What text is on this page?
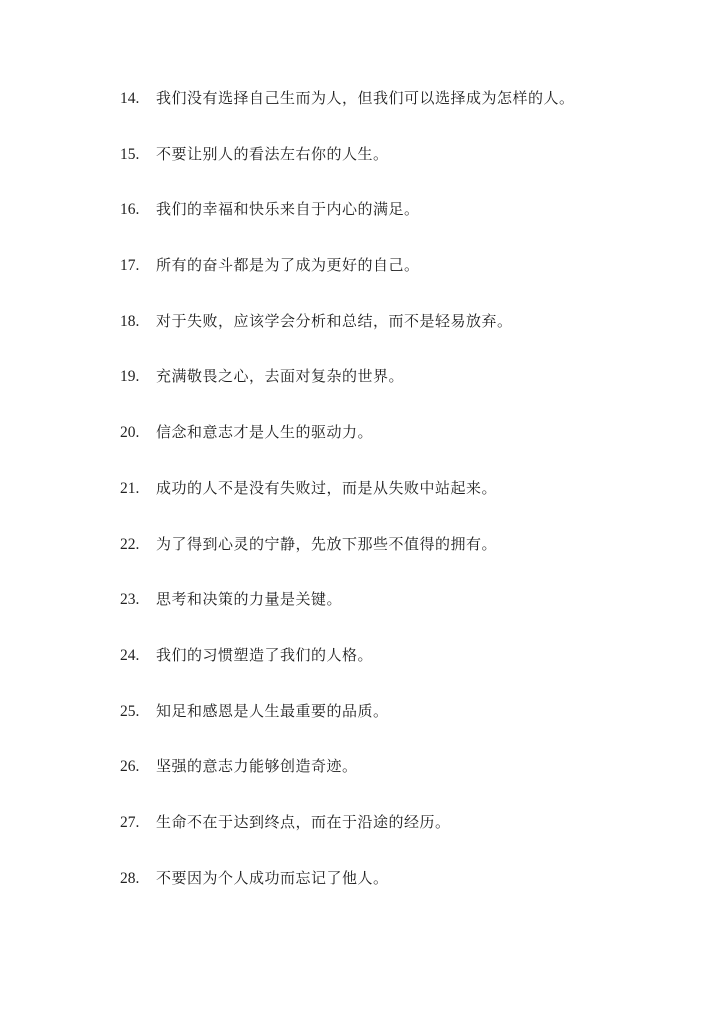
14.	我们没有选择自己生而为人，但我们可以选择成为怎样的人。
15.	不要让别人的看法左右你的人生。
16.	我们的幸福和快乐来自于内心的满足。
17.	所有的奋斗都是为了成为更好的自己。
18.	对于失败，应该学会分析和总结，而不是轻易放弃。
19.	充满敬畏之心，去面对复杂的世界。
20.	信念和意志才是人生的驱动力。
21.	成功的人不是没有失败过，而是从失败中站起来。
22.	为了得到心灵的宁静，先放下那些不值得的拥有。
23.	思考和决策的力量是关键。
24.	我们的习惯塑造了我们的人格。
25.	知足和感恩是人生最重要的品质。
26.	坚强的意志力能够创造奇迹。
27.	生命不在于达到终点，而在于沿途的经历。
28.	不要因为个人成功而忘记了他人。
